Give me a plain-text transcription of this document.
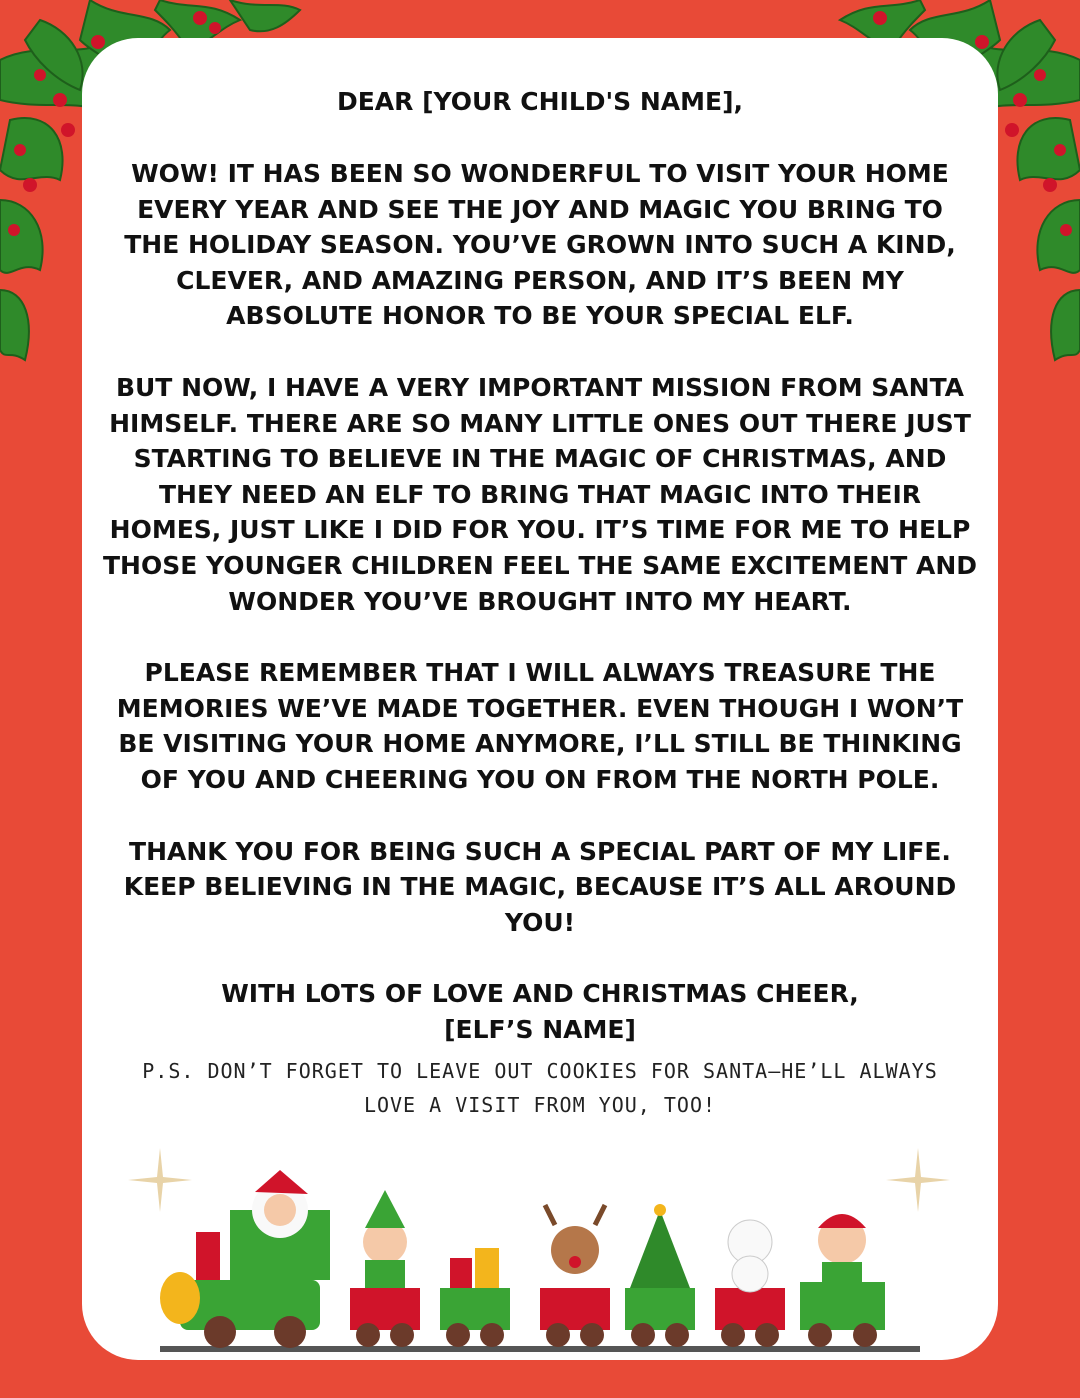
DEAR [YOUR CHILD'S NAME],

WOW! IT HAS BEEN SO WONDERFUL TO VISIT YOUR HOME EVERY YEAR AND SEE THE JOY AND MAGIC YOU BRING TO THE HOLIDAY SEASON. YOU’VE GROWN INTO SUCH A KIND, CLEVER, AND AMAZING PERSON, AND IT’S BEEN MY ABSOLUTE HONOR TO BE YOUR SPECIAL ELF.

BUT NOW, I HAVE A VERY IMPORTANT MISSION FROM SANTA HIMSELF. THERE ARE SO MANY LITTLE ONES OUT THERE JUST STARTING TO BELIEVE IN THE MAGIC OF CHRISTMAS, AND THEY NEED AN ELF TO BRING THAT MAGIC INTO THEIR HOMES, JUST LIKE I DID FOR YOU. IT’S TIME FOR ME TO HELP THOSE YOUNGER CHILDREN FEEL THE SAME EXCITEMENT AND WONDER YOU’VE BROUGHT INTO MY HEART.

PLEASE REMEMBER THAT I WILL ALWAYS TREASURE THE MEMORIES WE’VE MADE TOGETHER. EVEN THOUGH I WON’T BE VISITING YOUR HOME ANYMORE, I’LL STILL BE THINKING OF YOU AND CHEERING YOU ON FROM THE NORTH POLE.

THANK YOU FOR BEING SUCH A SPECIAL PART OF MY LIFE. KEEP BELIEVING IN THE MAGIC, BECAUSE IT’S ALL AROUND YOU!

WITH LOTS OF LOVE AND CHRISTMAS CHEER,

[ELF’S NAME]

P.S. DON’T FORGET TO LEAVE OUT COOKIES FOR SANTA—HE’LL ALWAYS LOVE A VISIT FROM YOU, TOO!
